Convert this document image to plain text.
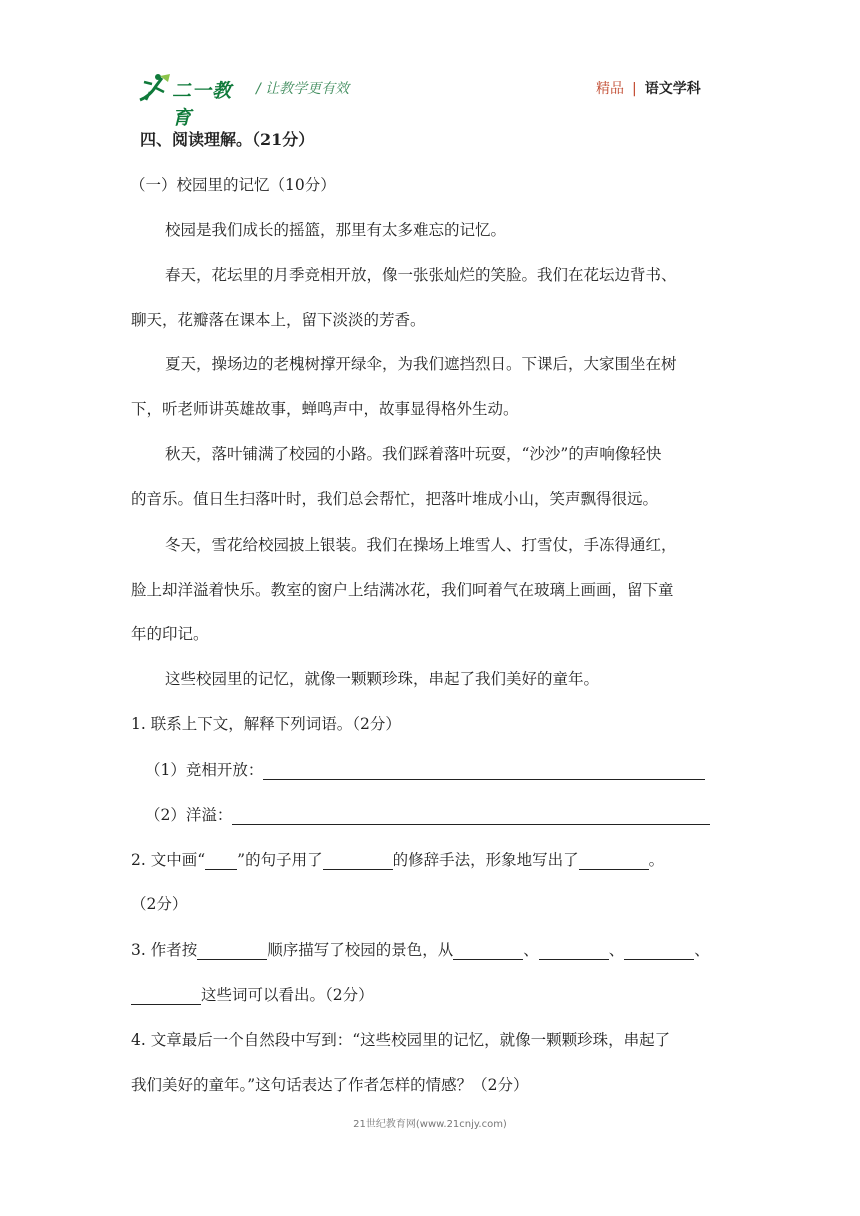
二一教育
/ 让教学更有效	精品 | 语文学科
四、阅读理解。（21分）
（一）校园里的记忆（10分）
校园是我们成长的摇篮，那里有太多难忘的记忆。
春天，花坛里的月季竞相开放，像一张张灿烂的笑脸。我们在花坛边背书、
聊天，花瓣落在课本上，留下淡淡的芳香。
夏天，操场边的老槐树撑开绿伞，为我们遮挡烈日。下课后，大家围坐在树
下，听老师讲英雄故事，蝉鸣声中，故事显得格外生动。
秋天，落叶铺满了校园的小路。我们踩着落叶玩耍，“沙沙”的声响像轻快
的音乐。值日生扫落叶时，我们总会帮忙，把落叶堆成小山，笑声飘得很远。
冬天，雪花给校园披上银装。我们在操场上堆雪人、打雪仗，手冻得通红，
脸上却洋溢着快乐。教室的窗户上结满冰花，我们呵着气在玻璃上画画，留下童
年的印记。
这些校园里的记忆，就像一颗颗珍珠，串起了我们美好的童年。
1. 联系上下文，解释下列词语。（2分）
（1）竞相开放：
（2）洋溢：
2. 文中画“ ”的句子用了	的修辞手法，形象地写出了	。
（2分）
3. 作者按	顺序描写了校园的景色，从	、	、	、
这些词可以看出。（2分）
4. 文章最后一个自然段中写到：“这些校园里的记忆，就像一颗颗珍珠，串起了
我们美好的童年。”这句话表达了作者怎样的情感？（2分）
21世纪教育网(www.21cnjy.com)
